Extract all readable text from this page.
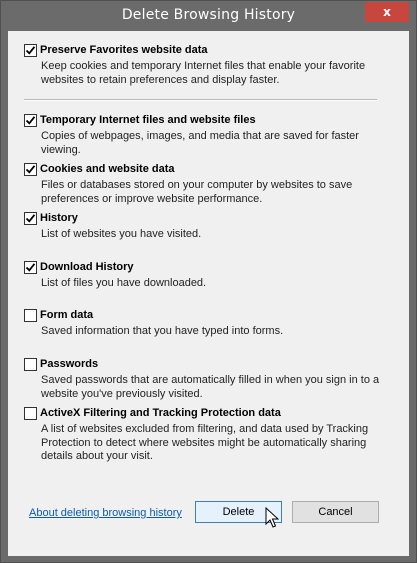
Delete Browsing History	x
Preserve Favorites website data
Keep cookies and temporary Internet files that enable your favorite websites to retain preferences and display faster.
Temporary Internet files and website files
Copies of webpages, images, and media that are saved for faster viewing.
Cookies and website data
Files or databases stored on your computer by websites to save preferences or improve website performance.
History
List of websites you have visited.
Download History
List of files you have downloaded.
Form data
Saved information that you have typed into forms.
Passwords
Saved passwords that are automatically filled in when you sign in to a website you've previously visited.
ActiveX Filtering and Tracking Protection data
A list of websites excluded from filtering, and data used by Tracking Protection to detect where websites might be automatically sharing details about your visit.
About deleting browsing history	Delete	Cancel
